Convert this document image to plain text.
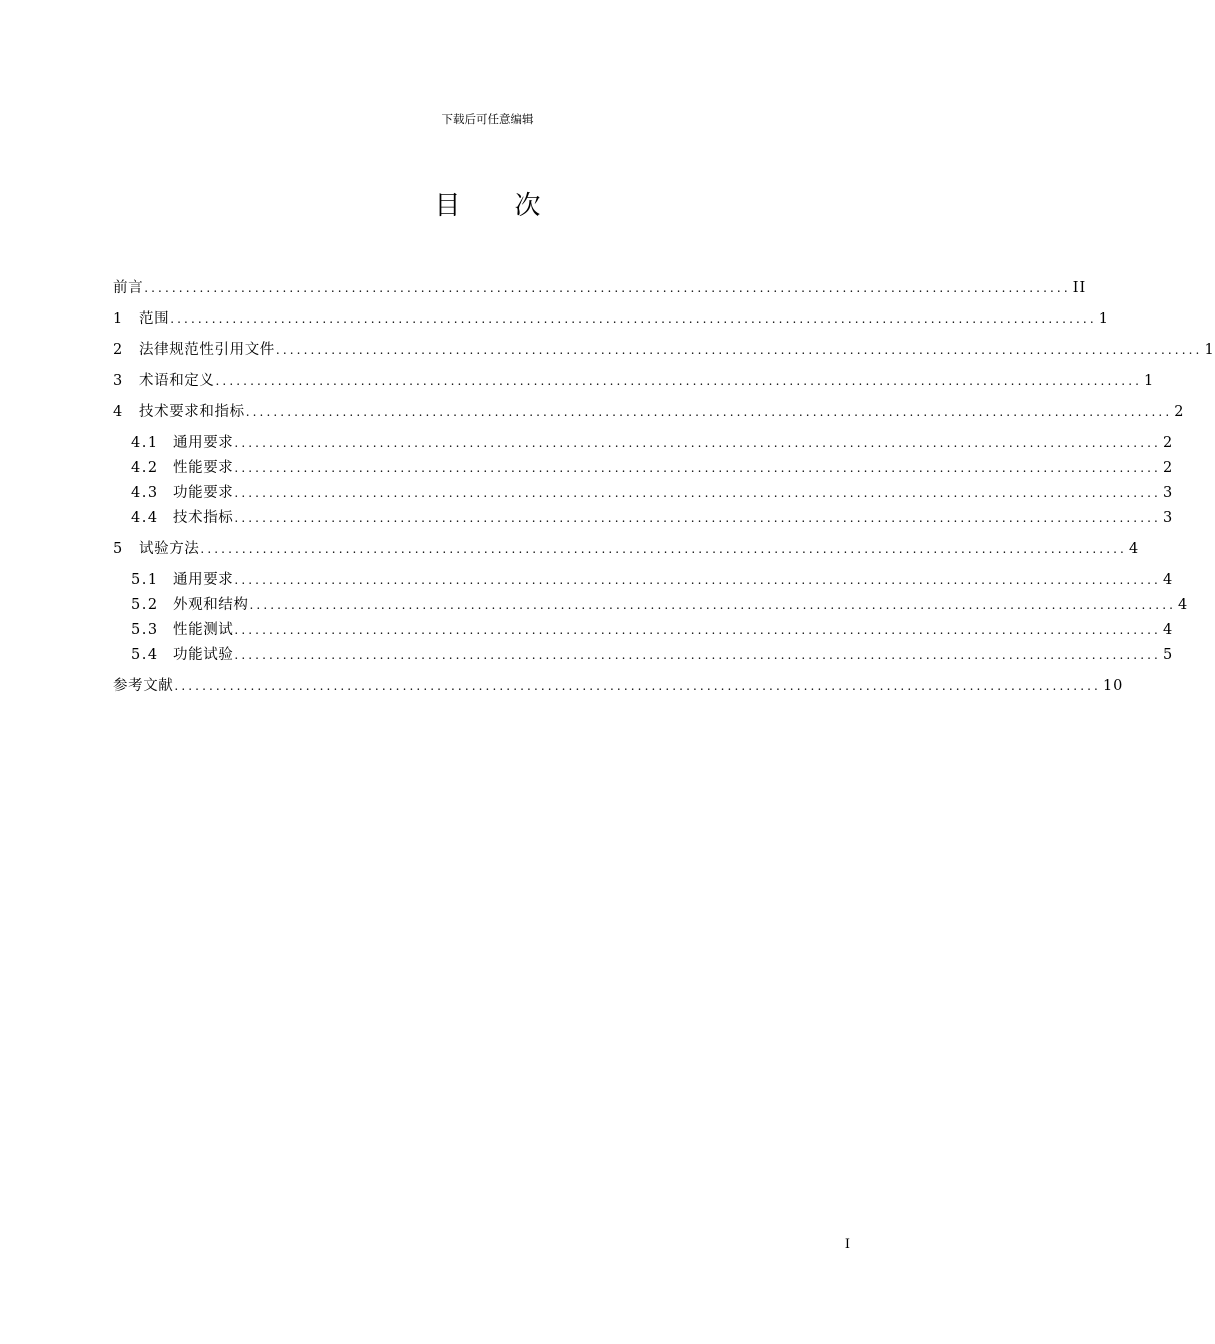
下载后可任意编辑
目 次
前言 ...................................................................................................................................... II
1	范围 ...................................................................................................................................... 1
2	法律规范性引用文件 ...................................................................................................................................... 1
3	术语和定义 ...................................................................................................................................... 1
4	技术要求和指标 ...................................................................................................................................... 2
4.1 通用要求 ...................................................................................................................................... 2
4.2 性能要求 ...................................................................................................................................... 2
4.3 功能要求 ...................................................................................................................................... 3
4.4 技术指标 ...................................................................................................................................... 3
5	试验方法 ...................................................................................................................................... 4
5.1 通用要求 ...................................................................................................................................... 4
5.2 外观和结构 ...................................................................................................................................... 4
5.3 性能测试 ...................................................................................................................................... 4
5.4 功能试验 ...................................................................................................................................... 5
参考文献 ...................................................................................................................................... 10
I
